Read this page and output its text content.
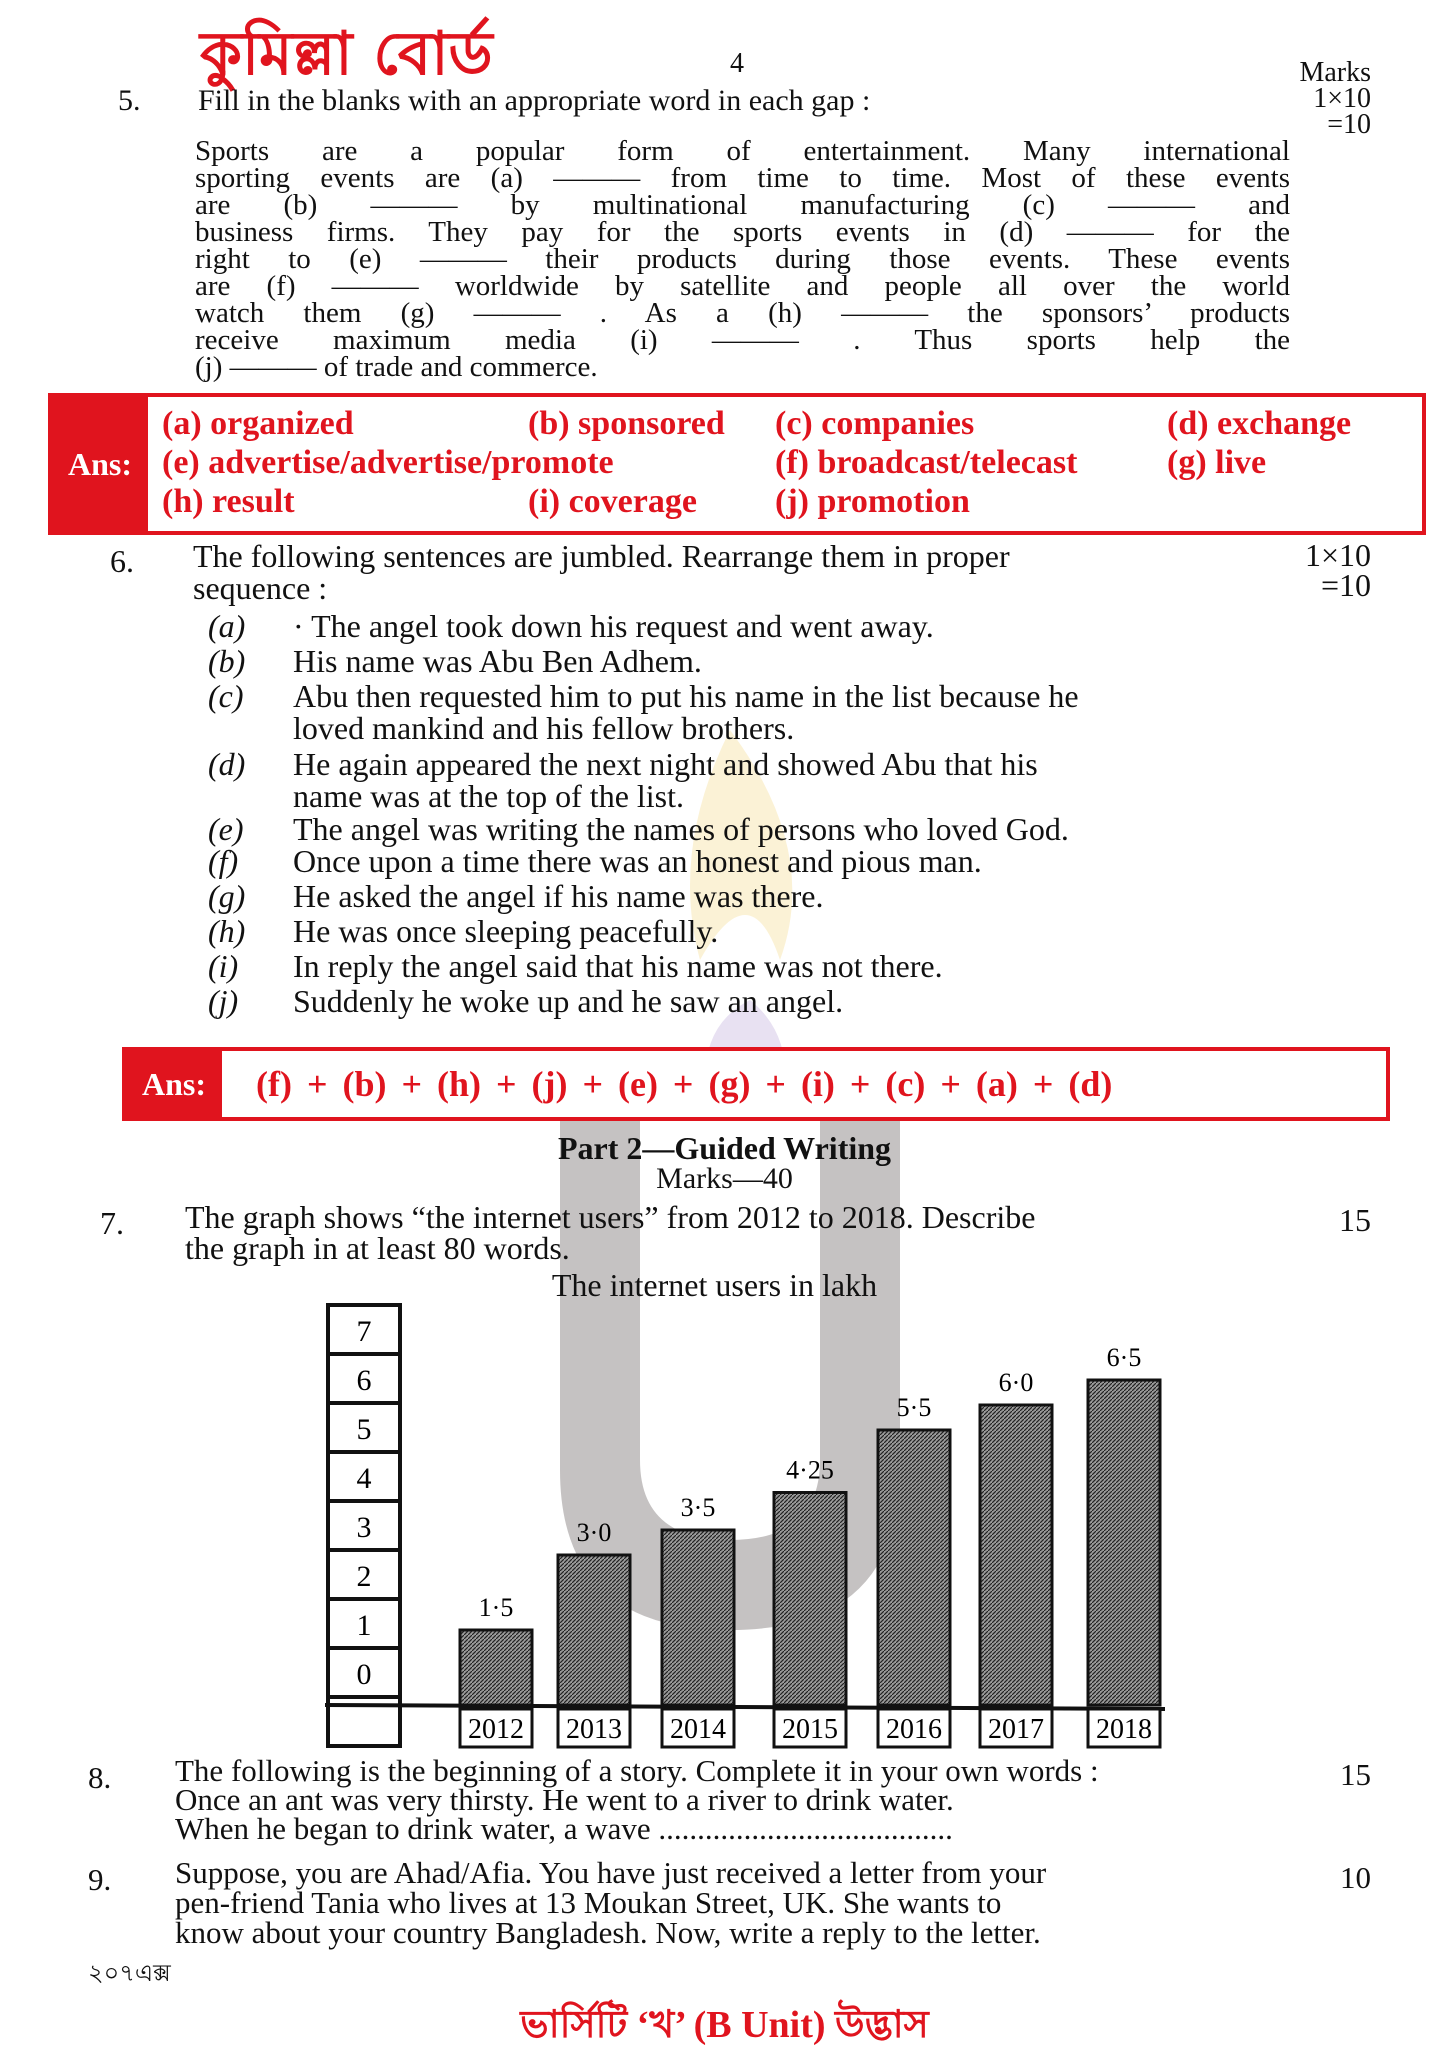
কুমিল্লা বোর্ড	4	Marks
1×10
=10
5. Fill in the blanks with an appropriate word in each gap :
Sports are a popular form of entertainment. Many international
sporting events are (a) ——— from time to time. Most of these events
are (b) ——— by multinational manufacturing (c) ——— and
business firms. They pay for the sports events in (d) ——— for the
right to (e) ——— their products during those events. These events
are (f) ——— worldwide by satellite and people all over the world
watch them (g) ——— . As a (h) ——— the sponsors’ products
receive maximum media (i) ——— . Thus sports help the
(j) ——— of trade and commerce.
Ans:
(a) organized	(b) sponsored (c) companies	(d) exchange
(e) advertise/advertise/promote	(f) broadcast/telecast	(g) live
(h) result	(i) coverage (j) promotion
6. The following sentences are jumbled. Rearrange them in proper
sequence :
1×10
=10
(a) · The angel took down his request and went away.
(b) His name was Abu Ben Adhem.
(c) Abu then requested him to put his name in the list because he
loved mankind and his fellow brothers.
(d) He again appeared the next night and showed Abu that his
name was at the top of the list.
(e) The angel was writing the names of persons who loved God.
(f) Once upon a time there was an honest and pious man.
(g) He asked the angel if his name was there.
(h) He was once sleeping peacefully.
(i) In reply the angel said that his name was not there.
(j) Suddenly he woke up and he saw an angel.
Ans:	(f) + (b) + (h) + (j) + (e) + (g) + (i) + (c) + (a) + (d)
Part 2—Guided Writing
Marks—40
7. The graph shows “the internet users” from 2012 to 2018. Describe
the graph in at least 80 words.
15
The internet users in lakh
7
6
5
4
3
2
1
0
1·5
2012
3·0
2013
3·5
2014
4·25
2015
5·5
2016
6·0
2017
6·5
2018
8. The following is the beginning of a story. Complete it in your own words :
Once an ant was very thirsty. He went to a river to drink water.
When he began to drink water, a wave ......................................
15
9. Suppose, you are Ahad/Afia. You have just received a letter from your
pen-friend Tania who lives at 13 Moukan Street, UK. She wants to
know about your country Bangladesh. Now, write a reply to the letter.
10
২০৭এক্স
ভার্সিটি ‘খ’ (B Unit) উদ্ভাস
